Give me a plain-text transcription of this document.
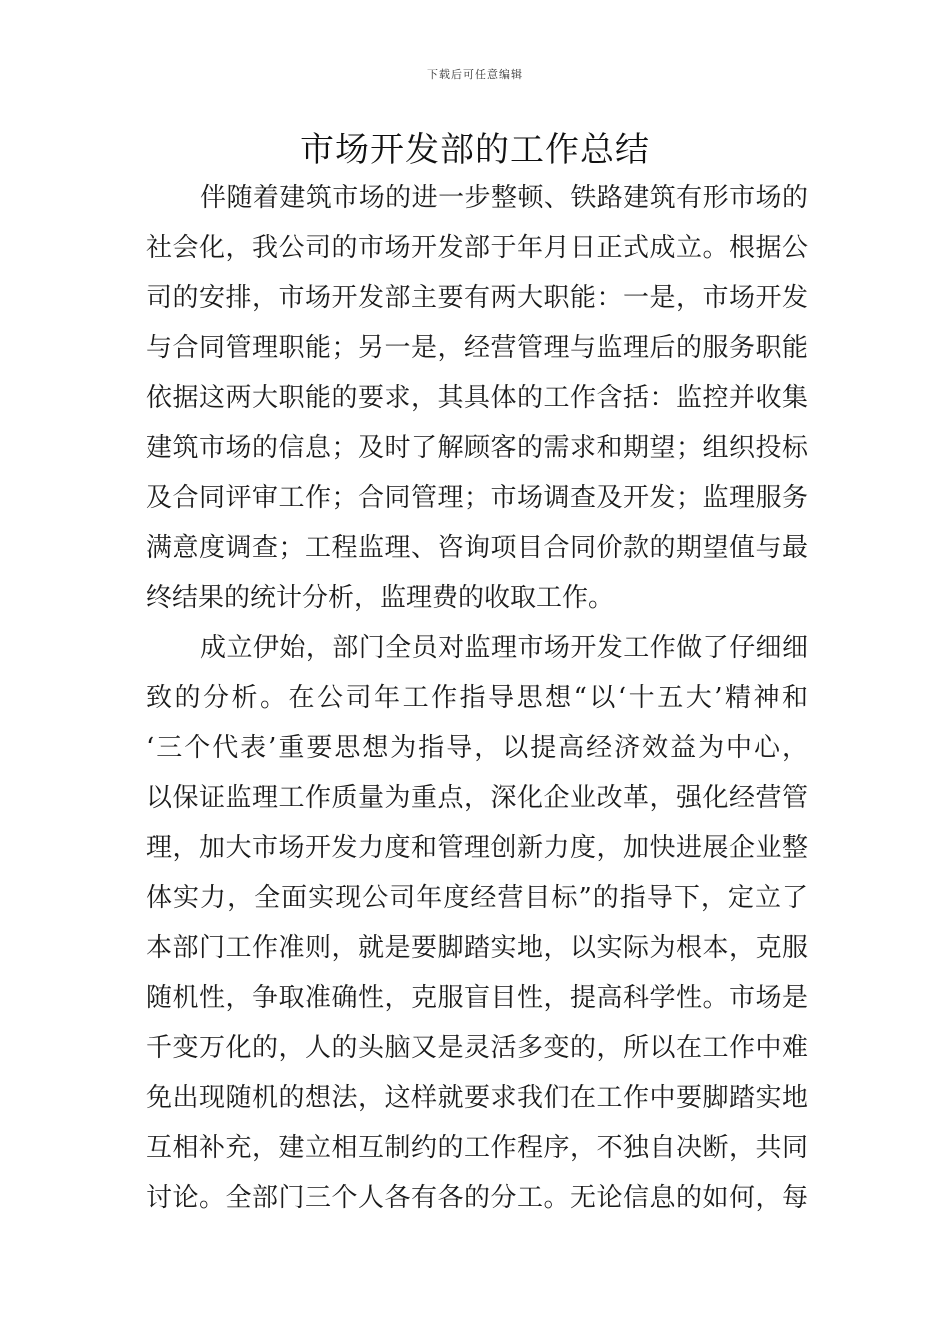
下载后可任意编辑
市场开发部的工作总结
伴随着建筑市场的进一步整顿、铁路建筑有形市场的
社会化，我公司的市场开发部于年月日正式成立。根据公
司的安排，市场开发部主要有两大职能：一是，市场开发
与合同管理职能；另一是，经营管理与监理后的服务职能
依据这两大职能的要求，其具体的工作含括：监控并收集
建筑市场的信息；及时了解顾客的需求和期望；组织投标
及合同评审工作；合同管理；市场调查及开发；监理服务
满意度调查；工程监理、咨询项目合同价款的期望值与最
终结果的统计分析，监理费的收取工作。
成立伊始，部门全员对监理市场开发工作做了仔细细
致的分析。在公司年工作指导思想“以‘十五大’精神和
‘三个代表’重要思想为指导，以提高经济效益为中心，
以保证监理工作质量为重点，深化企业改革，强化经营管
理，加大市场开发力度和管理创新力度，加快进展企业整
体实力，全面实现公司年度经营目标”的指导下，定立了
本部门工作准则，就是要脚踏实地，以实际为根本，克服
随机性，争取准确性，克服盲目性，提高科学性。市场是
千变万化的，人的头脑又是灵活多变的，所以在工作中难
免出现随机的想法，这样就要求我们在工作中要脚踏实地
互相补充，建立相互制约的工作程序，不独自决断，共同
讨论。全部门三个人各有各的分工。无论信息的如何，每
